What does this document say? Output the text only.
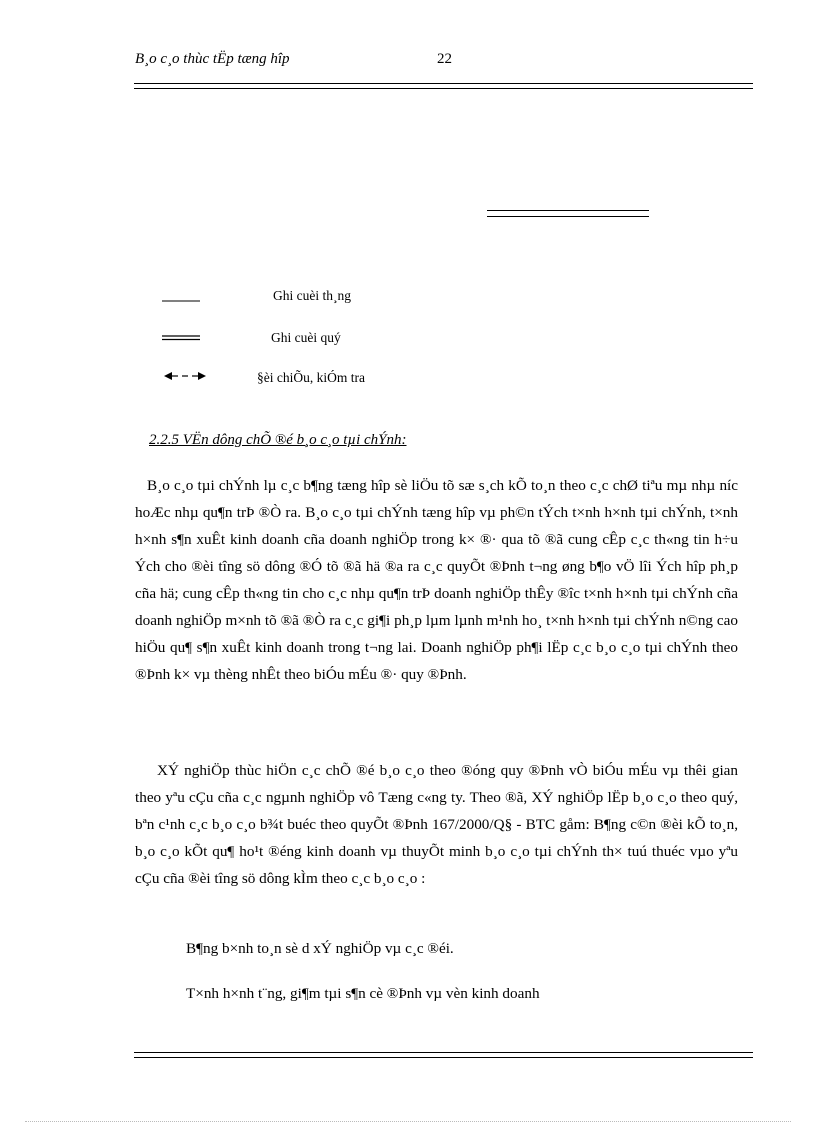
B¸o c¸o thùc tËp tæng hîp	22
Ghi cuèi th¸ng
Ghi cuèi quý
§èi chiÕu, kiÓm tra
2.2.5 VËn dông chÕ ®é b¸o c¸o tµi chÝnh:

B¸o c¸o tµi chÝnh lµ c¸c b¶ng tæng hîp sè liÖu tõ sæ s¸ch kÕ to¸n theo c¸c chØ tiªu mµ nhµ níc hoÆc nhµ qu¶n trÞ ®Ò ra. B¸o c¸o tµi chÝnh tæng hîp vµ ph©n tÝch t×nh h×nh tµi chÝnh, t×nh h×nh s¶n xuÊt kinh doanh cña doanh nghiÖp trong k× ®· qua tõ ®ã cung cÊp c¸c th«ng tin h÷u Ých cho ®èi tîng sö dông ®Ó tõ ®ã hä ®a ra c¸c quyÕt ®Þnh t¬ng øng b¶o vÖ lîi Ých hîp ph¸p cña hä; cung cÊp th«ng tin cho c¸c nhµ qu¶n trÞ doanh nghiÖp thÊy ®îc t×nh h×nh tµi chÝnh cña doanh nghiÖp m×nh tõ ®ã ®Ò ra c¸c gi¶i ph¸p lµm lµnh m¹nh ho¸ t×nh h×nh tµi chÝnh n©ng cao hiÖu qu¶ s¶n xuÊt kinh doanh trong t¬ng lai. Doanh nghiÖp ph¶i lËp c¸c b¸o c¸o tµi chÝnh theo ®Þnh k× vµ thèng nhÊt theo biÓu mÉu ®· quy ®Þnh.

XÝ nghiÖp thùc hiÖn c¸c chÕ ®é b¸o c¸o theo ®óng quy ®Þnh vÒ biÓu mÉu vµ thêi gian theo yªu cÇu cña c¸c ngµnh nghiÖp vô Tæng c«ng ty. Theo ®ã, XÝ nghiÖp lËp b¸o c¸o theo quý, bªn c¹nh c¸c b¸o c¸o b¾t buéc theo quyÕt ®Þnh 167/2000/Q§ - BTC gåm: B¶ng c©n ®èi kÕ to¸n, b¸o c¸o kÕt qu¶ ho¹t ®éng kinh doanh vµ thuyÕt minh b¸o c¸o tµi chÝnh th× tuú thuéc vµo yªu cÇu cña ®èi tîng sö dông kÌm theo c¸c b¸o c¸o :

B¶ng b×nh to¸n sè d xÝ nghiÖp vµ c¸c ®éi.
T×nh h×nh t¨ng, gi¶m tµi s¶n cè ®Þnh vµ vèn kinh doanh
